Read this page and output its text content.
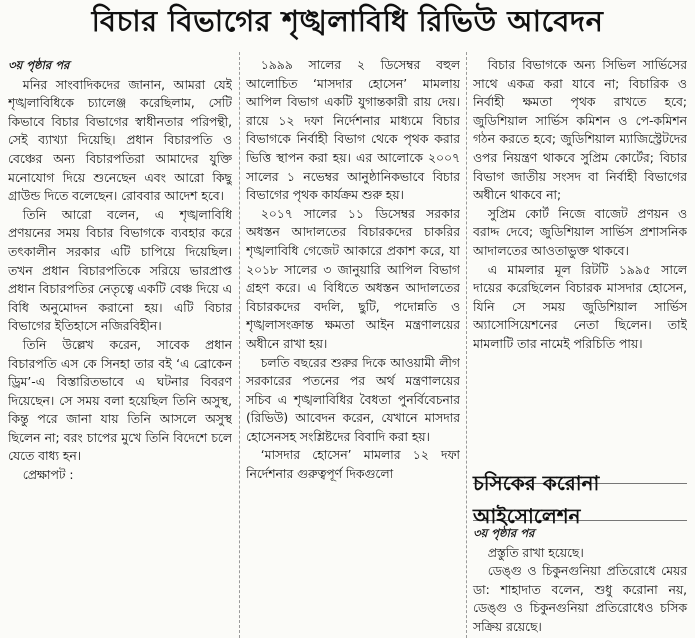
বিচার বিভাগের শৃঙ্খলাবিধি রিভিউ আবেদন
৩য় পৃষ্ঠার পর

মনির সাংবাদিকদের জানান, আমরা যেই শৃঙ্খলাবিধিকে চ্যালেঞ্জ করেছিলাম, সেটি কিভাবে বিচার বিভাগের স্বাধীনতার পরিপন্থী, সেই ব্যাখ্যা দিয়েছি। প্রধান বিচারপতি ও বেঞ্চের অন্য বিচারপতিরা আমাদের যুক্তি মনোযোগ দিয়ে শুনেছেন এবং আরো কিছু গ্রাউন্ড দিতে বলেছেন। রোববার আদেশ হবে।

তিনি আরো বলেন, এ শৃঙ্খলাবিধি প্রণয়নের সময় বিচার বিভাগকে ব্যবহার করে তৎকালীন সরকার এটি চাপিয়ে দিয়েছিল। তখন প্রধান বিচারপতিকে সরিয়ে ভারপ্রাপ্ত প্রধান বিচারপতির নেতৃত্বে একটি বেঞ্চ দিয়ে এ বিধি অনুমোদন করানো হয়। এটি বিচার বিভাগের ইতিহাসে নজিরবিহীন।

তিনি উল্লেখ করেন, সাবেক প্রধান বিচারপতি এস কে সিনহা তার বই ‘এ ব্রোকেন ড্রিম’-এ বিস্তারিতভাবে এ ঘটনার বিবরণ দিয়েছেন। সে সময় বলা হয়েছিল তিনি অসুস্থ, কিন্তু পরে জানা যায় তিনি আসলে অসুস্থ ছিলেন না; বরং চাপের মুখে তিনি বিদেশে চলে যেতে বাধ্য হন।

প্রেক্ষাপট :

১৯৯৯ সালের ২ ডিসেম্বর বহুল আলোচিত ‘মাসদার হোসেন’ মামলায় আপিল বিভাগ একটি যুগান্তকারী রায় দেয়। রায়ে ১২ দফা নির্দেশনার মাধ্যমে বিচার বিভাগকে নির্বাহী বিভাগ থেকে পৃথক করার ভিত্তি স্থাপন করা হয়। এর আলোকে ২০০৭ সালের ১ নভেম্বর আনুষ্ঠানিকভাবে বিচার বিভাগের পৃথক কার্যক্রম শুরু হয়।

২০১৭ সালের ১১ ডিসেম্বর সরকার অধস্তন আদালতের বিচারকদের চাকরির শৃঙ্খলাবিধি গেজেট আকারে প্রকাশ করে, যা ২০১৮ সালের ৩ জানুয়ারি আপিল বিভাগ গ্রহণ করে। এ বিধিতে অধস্তন আদালতের বিচারকদের বদলি, ছুটি, পদোন্নতি ও শৃঙ্খলাসংক্রান্ত ক্ষমতা আইন মন্ত্রণালয়ের অধীনে রাখা হয়।

চলতি বছরের শুরুর দিকে আওয়ামী লীগ সরকারের পতনের পর অর্থ মন্ত্রণালয়ের সচিব এ শৃঙ্খলাবিধির বৈধতা পুনর্বিবেচনার (রিভিউ) আবেদন করেন, যেখানে মাসদার হোসেনসহ সংশ্লিষ্টদের বিবাদি করা হয়।

‘মাসদার হোসেন’ মামলার ১২ দফা নির্দেশনার গুরুত্বপূর্ণ দিকগুলো

বিচার বিভাগকে অন্য সিভিল সার্ভিসের সাথে একত্র করা যাবে না; বিচারিক ও নির্বাহী ক্ষমতা পৃথক রাখতে হবে; জুডিশিয়াল সার্ভিস কমিশন ও পে-কমিশন গঠন করতে হবে; জুডিশিয়াল ম্যাজিস্ট্রেটদের ওপর নিয়ন্ত্রণ থাকবে সুপ্রিম কোর্টের; বিচার বিভাগ জাতীয় সংসদ বা নির্বাহী বিভাগের অধীনে থাকবে না;

সুপ্রিম কোর্ট নিজে বাজেট প্রণয়ন ও বরাদ্দ দেবে; জুডিশিয়াল সার্ভিস প্রশাসনিক আদালতের আওতাভুক্ত থাকবে।

এ মামলার মূল রিটটি ১৯৯৫ সালে দায়ের করেছিলেন বিচারক মাসদার হোসেন, যিনি সে সময় জুডিশিয়াল সার্ভিস অ্যাসোসিয়েশনের নেতা ছিলেন। তাই মামলাটি তার নামেই পরিচিতি পায়।

চসিকের করোনা আইসোলেশন
৩য় পৃষ্ঠার পর

প্রস্তুতি রাখা হয়েছে।

ডেঙ্গু ও চিকুনগুনিয়া প্রতিরোধে মেয়র ডা: শাহাদাত বলেন, শুধু করোনা নয়, ডেঙ্গু ও চিকুনগুনিয়া প্রতিরোধেও চসিক সক্রিয় রয়েছে।
